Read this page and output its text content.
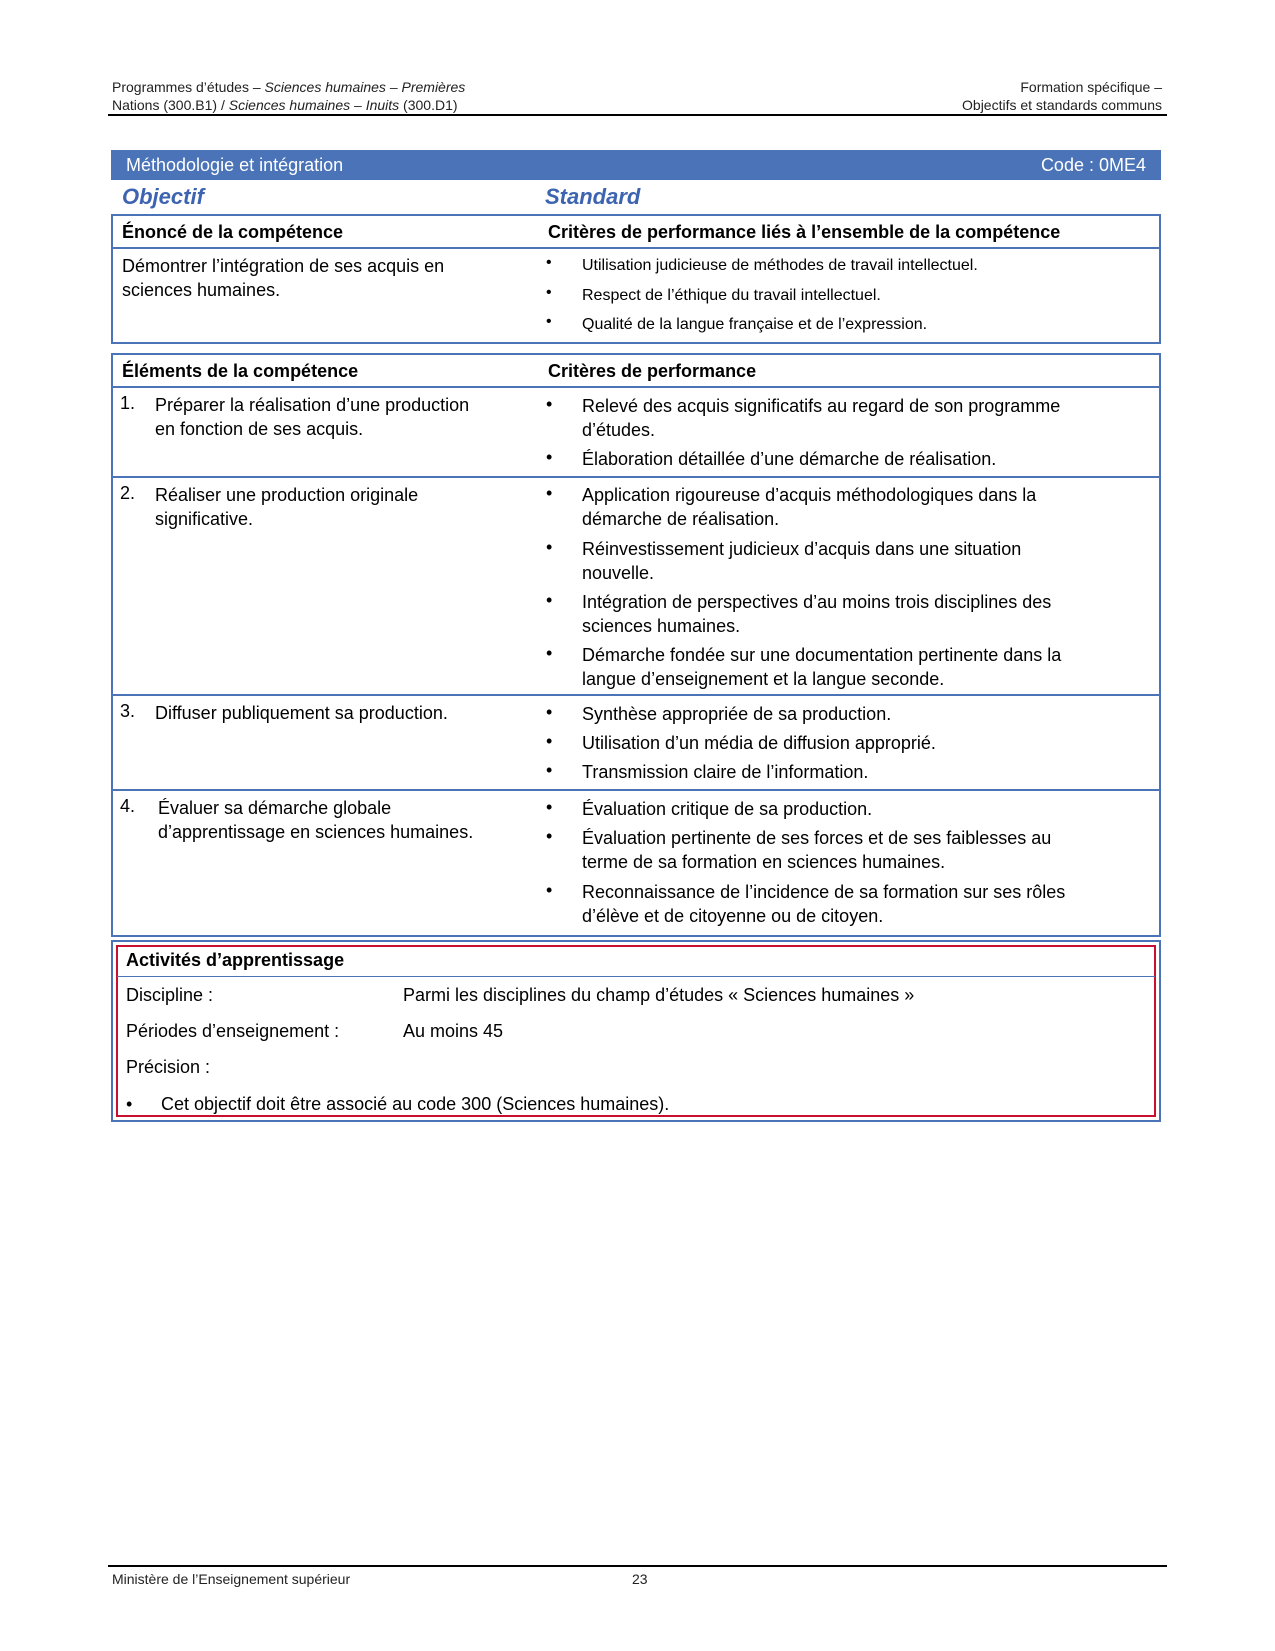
Programmes d’études – Sciences humaines – Premières	Formation spécifique –
Nations (300.B1) / Sciences humaines – Inuits (300.D1)	Objectifs et standards communs
Méthodologie et intégration	Code : 0ME4
Objectif	Standard
Énoncé de la compétence	Critères de performance liés à l’ensemble de la compétence
Démontrer l’intégration de ses acquis en
sciences humaines.
• Utilisation judicieuse de méthodes de travail intellectuel.
• Respect de l’éthique du travail intellectuel.
• Qualité de la langue française et de l’expression.
Éléments de la compétence	Critères de performance
1. Préparer la réalisation d’une production
en fonction de ses acquis.
• Relevé des acquis significatifs au regard de son programme
d’études.
• Élaboration détaillée d’une démarche de réalisation.
2. Réaliser une production originale
significative.
• Application rigoureuse d’acquis méthodologiques dans la
démarche de réalisation.
• Réinvestissement judicieux d’acquis dans une situation
nouvelle.
• Intégration de perspectives d’au moins trois disciplines des
sciences humaines.
• Démarche fondée sur une documentation pertinente dans la
langue d’enseignement et la langue seconde.
3. Diffuser publiquement sa production.	• Synthèse appropriée de sa production.
• Utilisation d’un média de diffusion approprié.
• Transmission claire de l’information.
4. Évaluer sa démarche globale
d’apprentissage en sciences humaines.
• Évaluation critique de sa production.
• Évaluation pertinente de ses forces et de ses faiblesses au
terme de sa formation en sciences humaines.
• Reconnaissance de l’incidence de sa formation sur ses rôles
d’élève et de citoyenne ou de citoyen.
Activités d’apprentissage
Discipline :	Parmi les disciplines du champ d’études « Sciences humaines »
Périodes d’enseignement :	Au moins 45
Précision :
• Cet objectif doit être associé au code 300 (Sciences humaines).
Ministère de l’Enseignement supérieur	23
